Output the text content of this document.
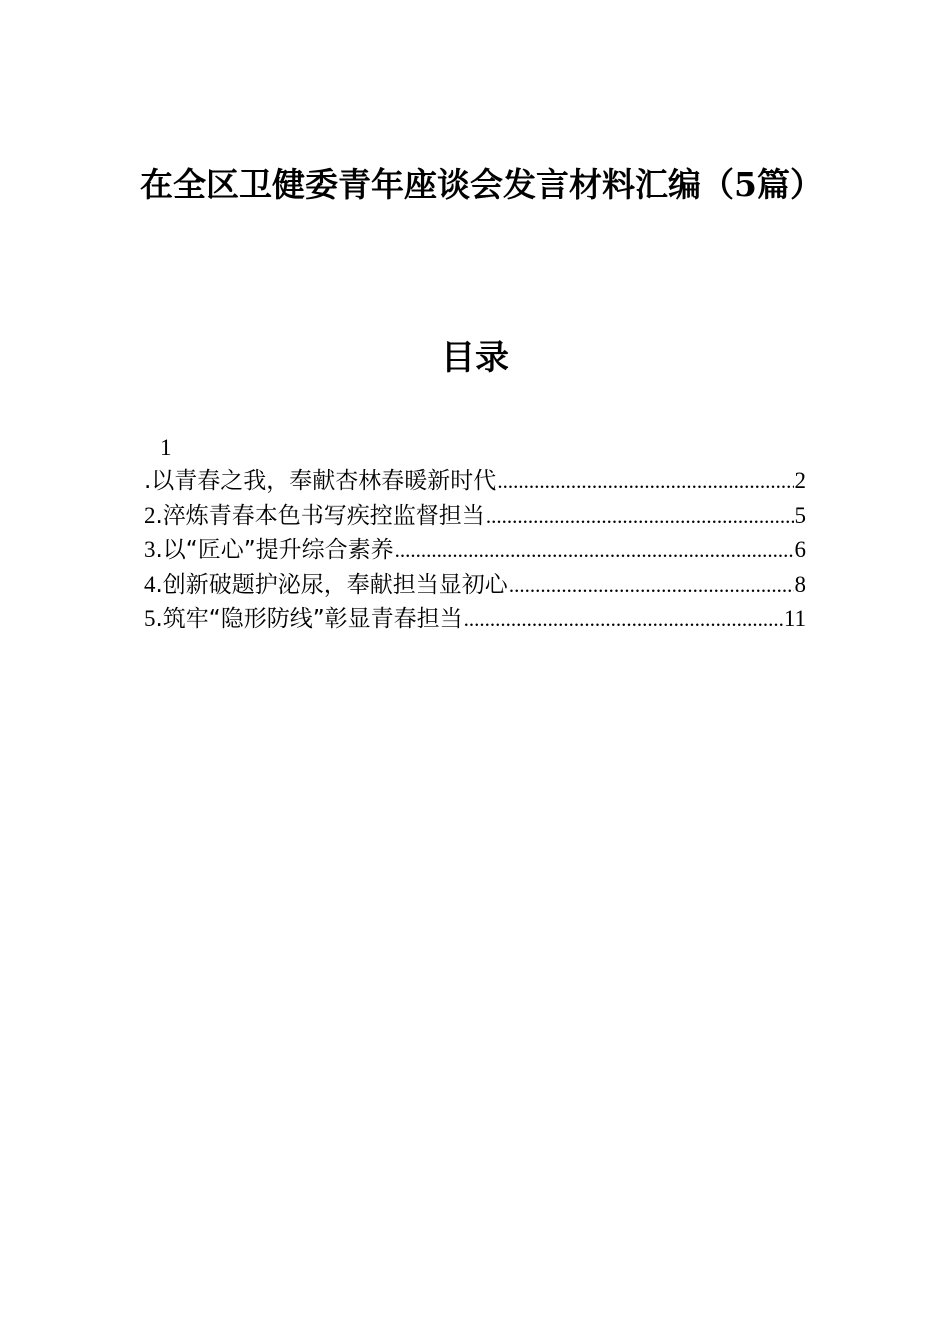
在全区卫健委青年座谈会发言材料汇编（5篇）
目录
1
.以青春之我，奉献杏林春暖新时代 .....	2
2.淬炼青春本色书写疾控监督担当 .....	5
3.以“匠心”提升综合素养 .....	6
4.创新破题护泌尿，奉献担当显初心 .....	8
5.筑牢“隐形防线”彰显青春担当 .....	11
